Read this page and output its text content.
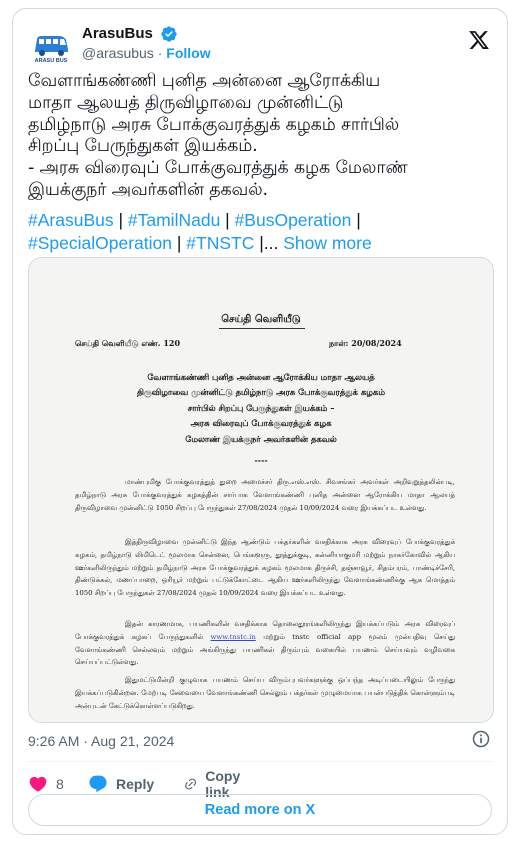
ARASU BUS
ArasuBus
@arasubus · Follow
வேளாங்கண்ணி புனித அன்னை ஆரோக்கிய
மாதா ஆலயத் திருவிழாவை முன்னிட்டு
தமிழ்நாடு அரசு போக்குவரத்துக் கழகம் சார்பில்
சிறப்பு பேருந்துகள் இயக்கம்.
- அரசு விரைவுப் போக்குவரத்துக் கழக மேலாண்
இயக்குநர் அவர்களின் தகவல்.
#ArasuBus | #TamilNadu | #BusOperation | #SpecialOperation | #TNSTC |... Show more
செய்தி வெளியீடு
செய்தி வெளியீடு எண். 120	நாள்: 20/08/2024
வேளாங்கண்ணி புனித அன்னை ஆரோக்கிய மாதா ஆலயத்
திருவிழாவை முன்னிட்டு தமிழ்நாடு அரசு போக்குவரத்துக் கழகம்
சார்பில் சிறப்பு பேருந்துகள் இயக்கம் –
அரசு விரைவுப் போக்குவரத்துக் கழக
மேலாண் இயக்குநர் அவர்களின் தகவல்
----
மாண்புமிகு போக்குவரத்துத் துறை அமைச்சர் திரு.எஸ்.எஸ். சிவசங்கர் அவர்கள் அறிவுறுத்தலின்படி, தமிழ்நாடு அரசு போக்குவரத்துக் கழகத்தின் சார்பாக வேளாங்கண்ணி புனித அன்னை ஆரோக்கிய மாதா ஆலயத் திருவிழாவை முன்னிட்டு 1050 சிறப்பு பேருந்துகள் 27/08/2024 முதல் 10/09/2024 வரை இயக்கப்பட உள்ளது.
இத்திருவிழாவை முன்னிட்டு இந்த ஆண்டும் பக்தர்களின் வசதிக்காக அரசு விரைவுப் போக்குவரத்துக் கழகம், தமிழ்நாடு லிமிடெட் மூலமாக சென்னை, பெங்களூரு, தூத்துக்குடி, கன்னியாகுமரி மற்றும் நாகர்கோவில் ஆகிய ஊர்களிலிருந்தும் மற்றும் தமிழ்நாடு அரசு போக்குவரத்துக் கழகம் மூலமாக திருச்சி, தஞ்சாவூர், சிதம்பரம், பாண்டிச்சேரி, திண்டுக்கல், மணப்பாறை, ஒரியூர் மற்றும் பட்டுக்கோட்டை ஆகிய ஊர்களிலிருந்து வேளாங்கண்ணிக்கு ஆக மொத்தம் 1050 சிறப்பு பேருந்துகள் 27/08/2024 முதல் 10/09/2024 வரை இயக்கப்பட உள்ளது.
இதன் காரணமாக, பயணிகளின் வசதிக்காக தொலைதூரங்களிலிருந்து இயக்கப்படும் அரசு விரைவுப் போக்குவரத்துக் கழகப் பேருந்துகளில் www.tnstc.in மற்றும் tnstc official app மூலம் முன்பதிவு செய்து வேளாங்கண்ணி செல்லவும் மற்றும் அங்கிருந்து பயணிகள் திரும்பும் வகையில் பயணம் செய்யவும் வழிவகை செய்யப்பட்டுள்ளது.
இதுமட்டுமின்றி குழுவாக பயணம் செய்ய விரும்புபவர்களுக்கு ஒப்பந்த அடிப்படையிலும் பேருந்து இயக்கப்படுகின்றன. மேற்படி சேவையை வேளாங்கண்ணி செல்லும் பக்தர்கள் முழுமையாக பயன்படுத்திக் கொள்ளும்படி அன்புடன் கேட்டுக்கொள்ளப்படுகிறது.
9:26 AM · Aug 21, 2024
8	Reply	Copy link
Read more on X
